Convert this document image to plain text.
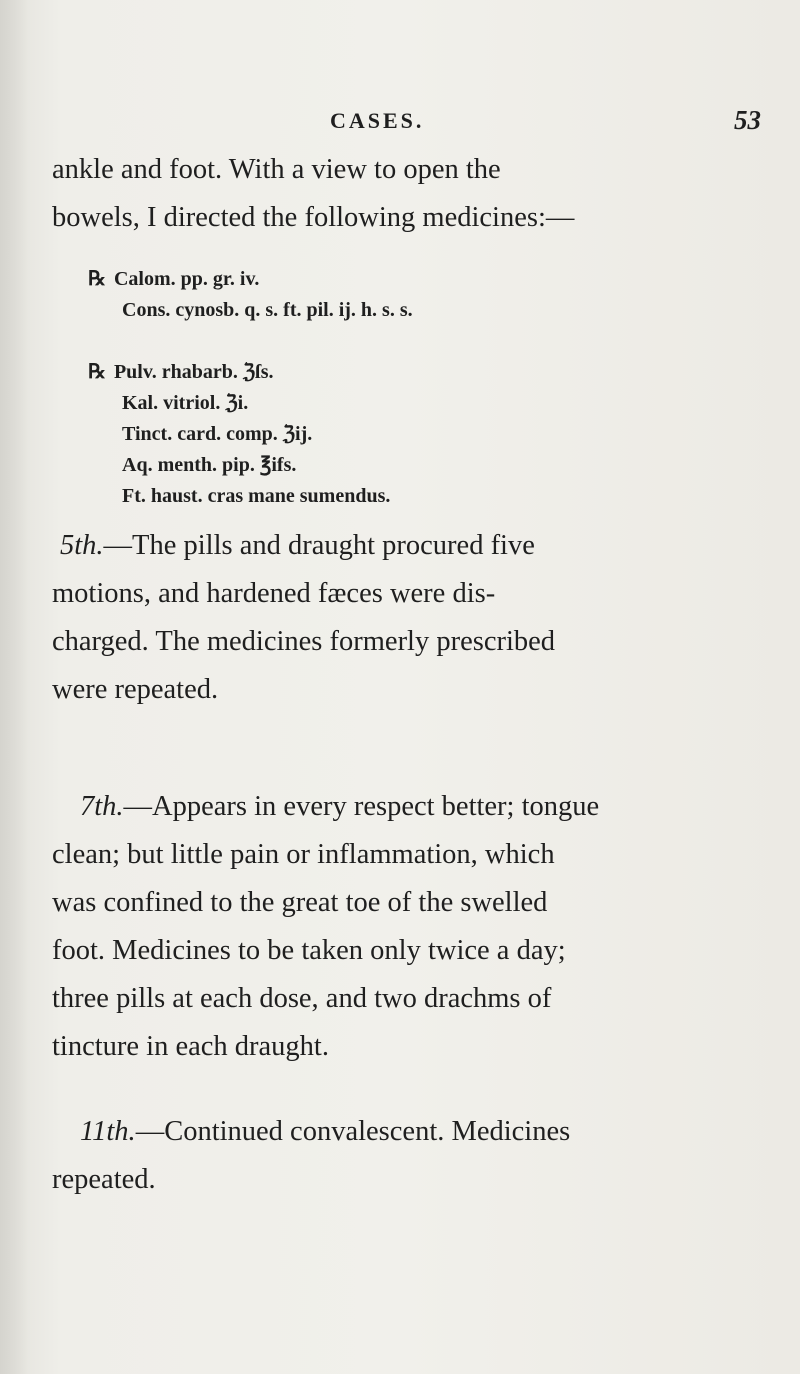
CASES.	53
ankle and foot. With a view to open the
bowels, I directed the following medicines:—
℞ Calom. pp. gr. iv.
Cons. cynosb. q. s. ft. pil. ij. h. s. s.
℞ Pulv. rhabarb. ℨſs.
Kal. vitriol. ℨi.
Tinct. card. comp. ℨij.
Aq. menth. pip. ℥ifs.
Ft. haust. cras mane sumendus.
5th.—The pills and draught procured five
motions, and hardened fæces were dis-
charged. The medicines formerly prescribed
were repeated.
7th.—Appears in every respect better; tongue
clean; but little pain or inflammation, which
was confined to the great toe of the swelled
foot. Medicines to be taken only twice a day;
three pills at each dose, and two drachms of
tincture in each draught.
11th.—Continued convalescent. Medicines
repeated.
